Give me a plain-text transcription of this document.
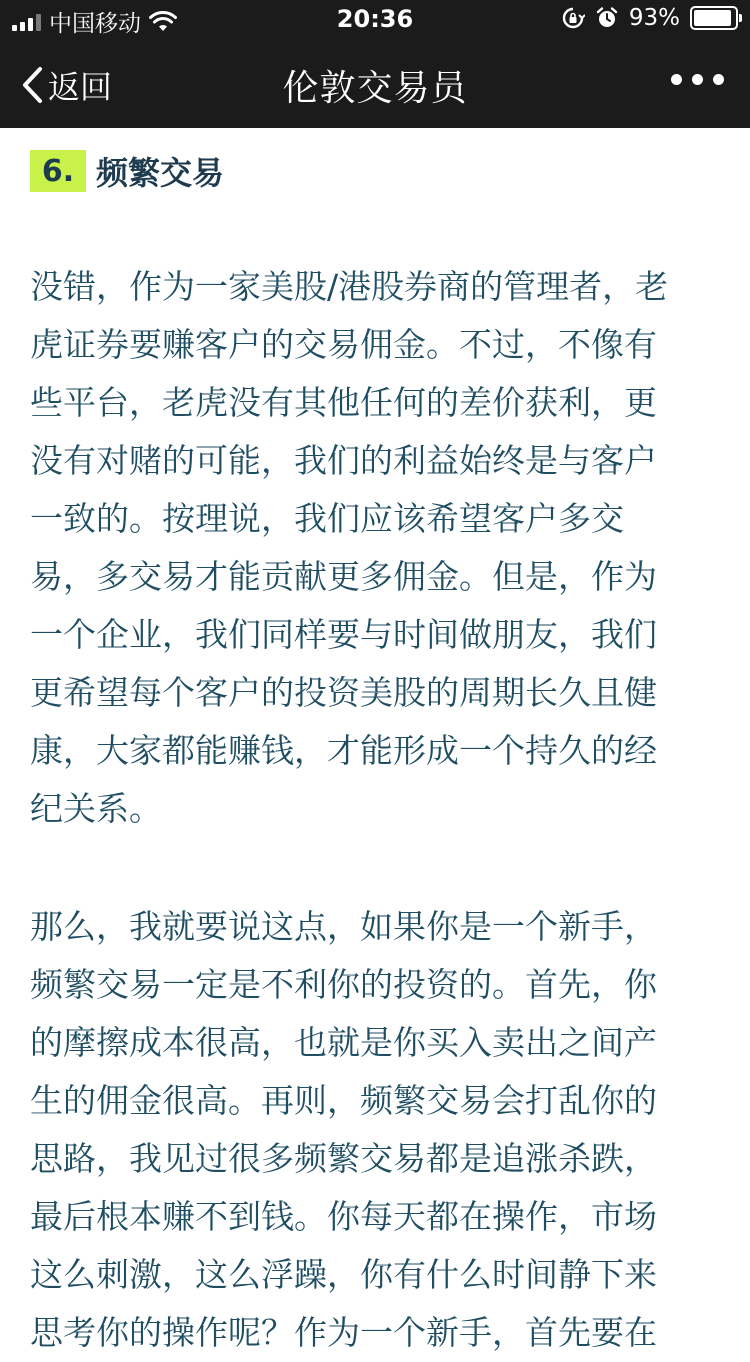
中国移动	20:36	93%
返回	伦敦交易员
6. 频繁交易
没错，作为一家美股/港股券商的管理者，老
虎证券要赚客户的交易佣金。不过，不像有
些平台，老虎没有其他任何的差价获利，更
没有对赌的可能，我们的利益始终是与客户
一致的。按理说，我们应该希望客户多交
易，多交易才能贡献更多佣金。但是，作为
一个企业，我们同样要与时间做朋友，我们
更希望每个客户的投资美股的周期长久且健
康，大家都能赚钱，才能形成一个持久的经
纪关系。
那么，我就要说这点，如果你是一个新手，
频繁交易一定是不利你的投资的。首先，你
的摩擦成本很高，也就是你买入卖出之间产
生的佣金很高。再则，频繁交易会打乱你的
思路，我见过很多频繁交易都是追涨杀跌，
最后根本赚不到钱。你每天都在操作，市场
这么刺激，这么浮躁，你有什么时间静下来
思考你的操作呢？作为一个新手，首先要在
